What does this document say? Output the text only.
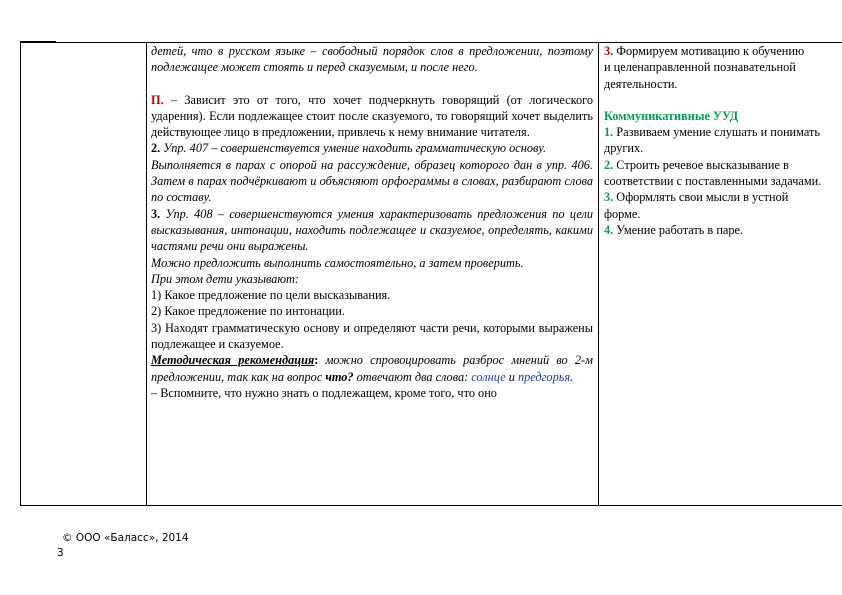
детей, что в русском языке – свободный порядок слов в предложении, поэтому подлежащее может стоять и перед сказуемым, и после него.

П. – Зависит это от того, что хочет подчеркнуть говорящий (от логического ударения). Если подлежащее стоит после сказуемого, то говорящий хочет выделить действующее лицо в предложении, привлечь к нему внимание читателя.

2. Упр. 407 – совершенствуется умение находить грамматическую основу.

Выполняется в парах с опорой на рассуждение, образец которого дан в упр. 406. Затем в парах подчёркивают и объясняют орфограммы в словах, разбирают слова по составу.

3. Упр. 408 – совершенствуются умения характеризовать предложения по цели высказывания, интонации, находить подлежащее и сказуемое, определять, какими частями речи они выражены.

Можно предложить выполнить самостоятельно, а затем проверить.

При этом дети указывают:

1) Какое предложение по цели высказывания.

2) Какое предложение по интонации.

3) Находят грамматическую основу и определяют части речи, которыми выражены подлежащее и сказуемое.

Методическая рекомендация: можно спровоцировать разброс мнений во 2-м предложении, так как на вопрос что? отвечают два слова: солнце и предгорья.

– Вспомните, что нужно знать о подлежащем, кроме того, что оно

3. Формируем мотивацию к обучению

и целенаправленной познавательной

деятельности.

Коммуникативные УУД

1. Развиваем умение слушать и понимать

других.

2. Строить речевое высказывание в

соответствии с поставленными задачами.

3. Оформлять свои мысли в устной

форме.

4. Умение работать в паре.

© ООО «Баласс», 2014
3
